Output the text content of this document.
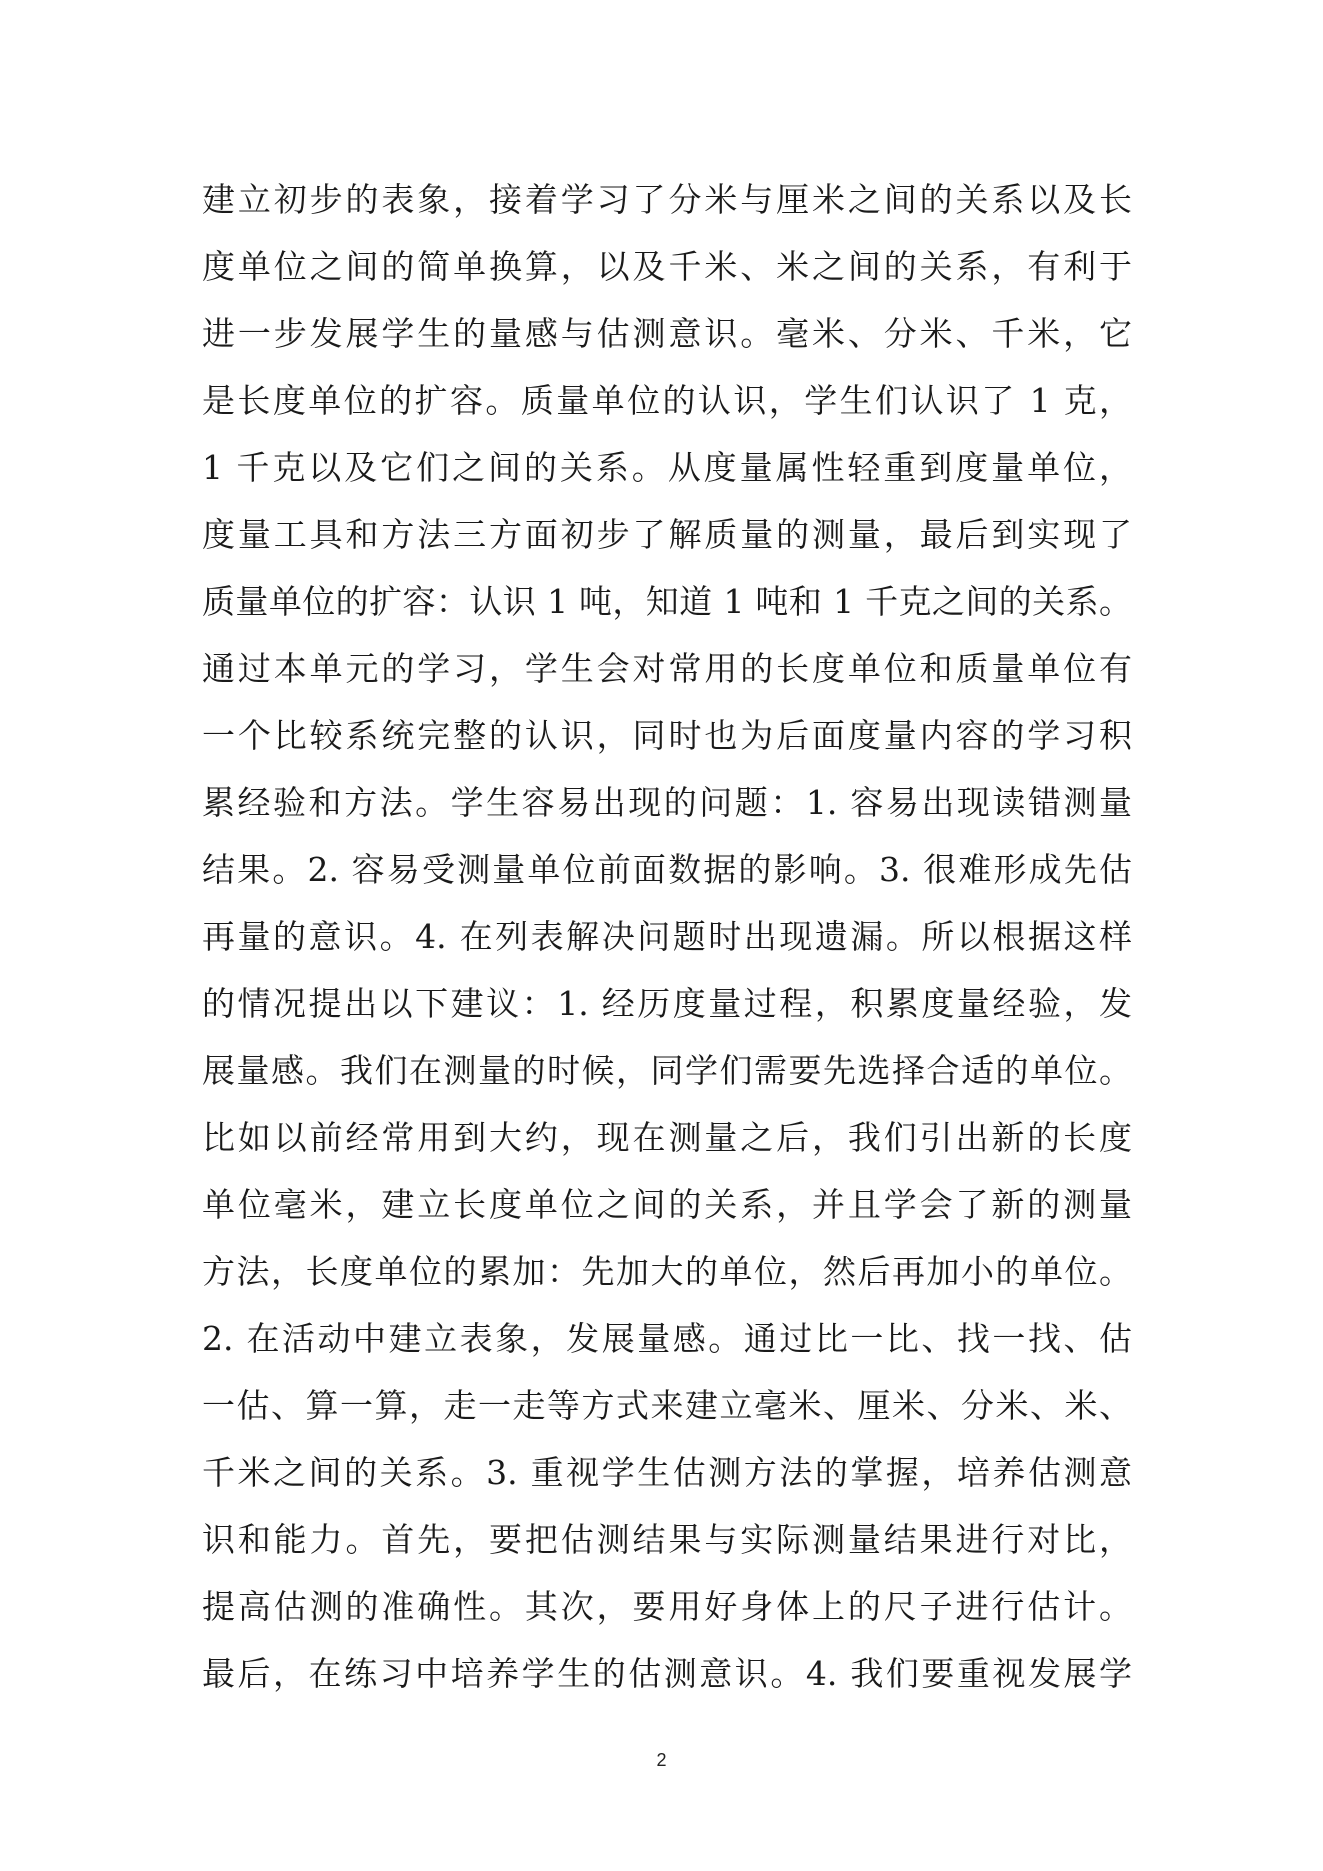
建立初步的表象，接着学习了分米与厘米之间的关系以及长
度单位之间的简单换算，以及千米、米之间的关系，有利于
进一步发展学生的量感与估测意识。毫米、分米、千米，它
是长度单位的扩容。质量单位的认识，学生们认识了 1 克，
1 千克以及它们之间的关系。从度量属性轻重到度量单位，
度量工具和方法三方面初步了解质量的测量，最后到实现了
质量单位的扩容：认识 1 吨，知道 1 吨和 1 千克之间的关系。
通过本单元的学习，学生会对常用的长度单位和质量单位有
一个比较系统完整的认识，同时也为后面度量内容的学习积
累经验和方法。学生容易出现的问题：1. 容易出现读错测量
结果。2. 容易受测量单位前面数据的影响。3. 很难形成先估
再量的意识。4. 在列表解决问题时出现遗漏。所以根据这样
的情况提出以下建议：1. 经历度量过程，积累度量经验，发
展量感。我们在测量的时候，同学们需要先选择合适的单位。
比如以前经常用到大约，现在测量之后，我们引出新的长度
单位毫米，建立长度单位之间的关系，并且学会了新的测量
方法，长度单位的累加：先加大的单位，然后再加小的单位。
2. 在活动中建立表象，发展量感。通过比一比、找一找、估
一估、算一算，走一走等方式来建立毫米、厘米、分米、米、
千米之间的关系。3. 重视学生估测方法的掌握，培养估测意
识和能力。首先，要把估测结果与实际测量结果进行对比，
提高估测的准确性。其次，要用好身体上的尺子进行估计。
最后，在练习中培养学生的估测意识。4. 我们要重视发展学
2
